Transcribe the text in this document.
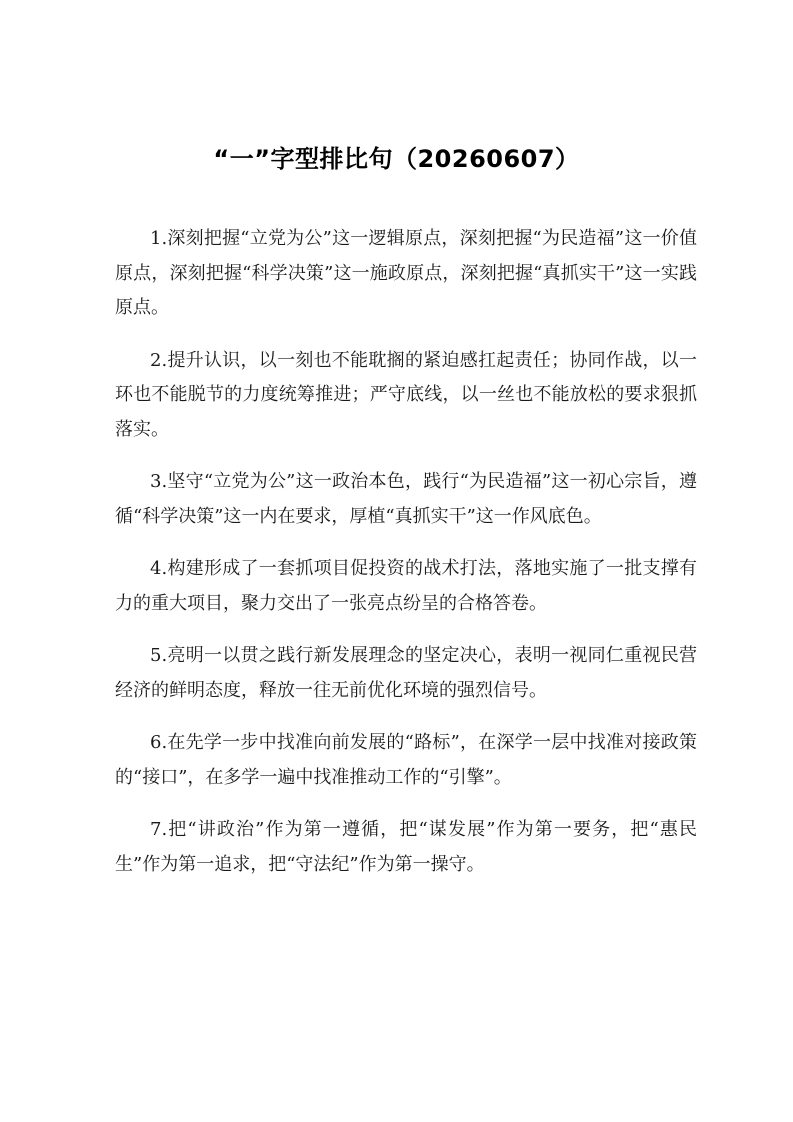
“一”字型排比句（20260607）

1.深刻把握“立党为公”这一逻辑原点，深刻把握“为民造福”这一价值原点，深刻把握“科学决策”这一施政原点，深刻把握“真抓实干”这一实践原点。

2.提升认识，以一刻也不能耽搁的紧迫感扛起责任；协同作战，以一环也不能脱节的力度统筹推进；严守底线，以一丝也不能放松的要求狠抓落实。

3.坚守“立党为公”这一政治本色，践行“为民造福”这一初心宗旨，遵循“科学决策”这一内在要求，厚植“真抓实干”这一作风底色。

4.构建形成了一套抓项目促投资的战术打法，落地实施了一批支撑有力的重大项目，聚力交出了一张亮点纷呈的合格答卷。

5.亮明一以贯之践行新发展理念的坚定决心，表明一视同仁重视民营经济的鲜明态度，释放一往无前优化环境的强烈信号。

6.在先学一步中找准向前发展的“路标”，在深学一层中找准对接政策的“接口”，在多学一遍中找准推动工作的“引擎”。

7.把“讲政治”作为第一遵循，把“谋发展”作为第一要务，把“惠民生”作为第一追求，把“守法纪”作为第一操守。
